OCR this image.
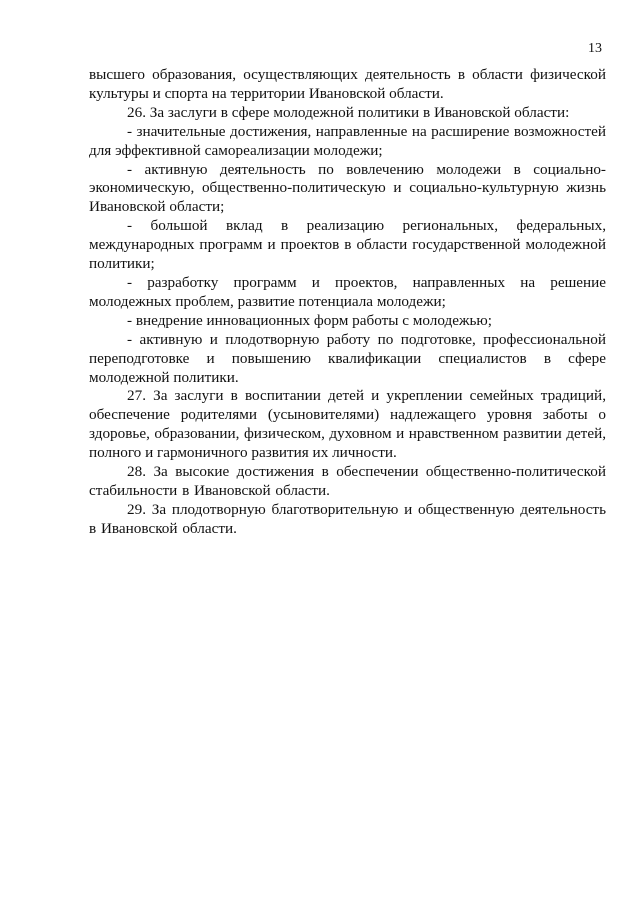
13

высшего образования, осуществляющих деятельность в области физической культуры и спорта на территории Ивановской области.

26. За заслуги в сфере молодежной политики в Ивановской области:

- значительные достижения, направленные на расширение возможностей для эффективной самореализации молодежи;

- активную деятельность по вовлечению молодежи в социально-экономическую, общественно-политическую и социально-культурную жизнь Ивановской области;

- большой вклад в реализацию региональных, федеральных, международных программ и проектов в области государственной молодежной политики;

- разработку программ и проектов, направленных на решение молодежных проблем, развитие потенциала молодежи;

- внедрение инновационных форм работы с молодежью;

- активную и плодотворную работу по подготовке, профессиональной переподготовке и повышению квалификации специалистов в сфере молодежной политики.

27. За заслуги в воспитании детей и укреплении семейных традиций, обеспечение родителями (усыновителями) надлежащего уровня заботы о здоровье, образовании, физическом, духовном и нравственном развитии детей, полного и гармоничного развития их личности.

28. За высокие достижения в обеспечении общественно-политической стабильности в Ивановской области.

29. За плодотворную благотворительную и общественную деятельность в Ивановской области.
